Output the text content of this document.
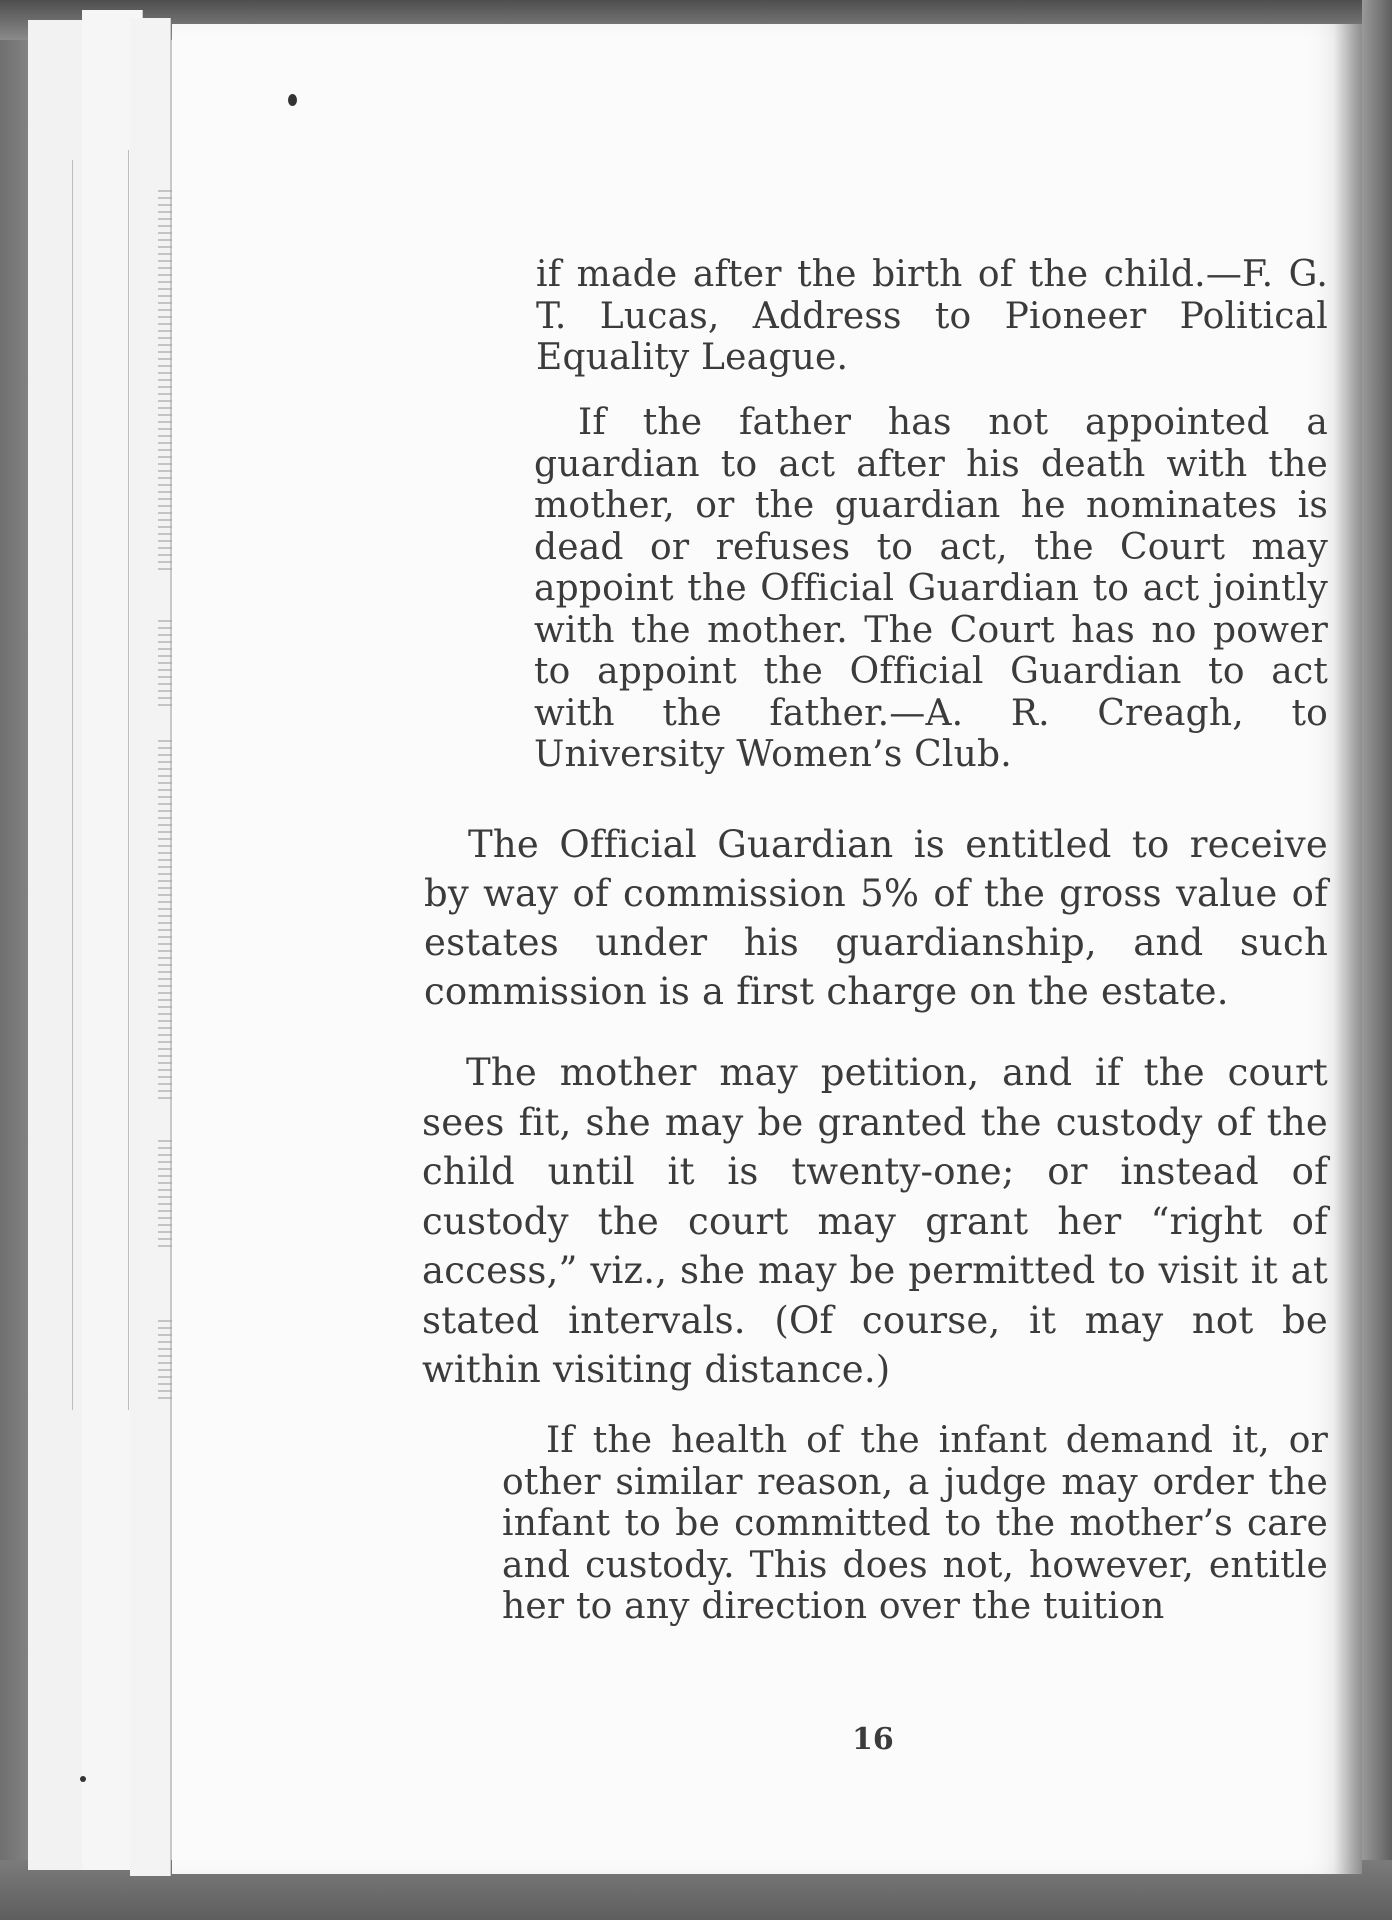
if made after the birth of the child.—F. G. T. Lucas, Address to Pioneer Political Equality League.

If the father has not appointed a guardian to act after his death with the mother, or the guardian he nominates is dead or refuses to act, the Court may appoint the Official Guardian to act jointly with the mother. The Court has no power to appoint the Official Guardian to act with the father.—A. R. Creagh, to University Women’s Club.

The Official Guardian is entitled to receive by way of commission 5% of the gross value of estates under his guardianship, and such commission is a first charge on the estate.

The mother may petition, and if the court sees fit, she may be granted the custody of the child until it is twenty-one; or instead of custody the court may grant her “right of access,” viz., she may be permitted to visit it at stated intervals. (Of course, it may not be within visiting distance.)

If the health of the infant demand it, or other similar reason, a judge may order the infant to be committed to the mother’s care and custody. This does not, however, entitle her to any direction over the tuition

16
